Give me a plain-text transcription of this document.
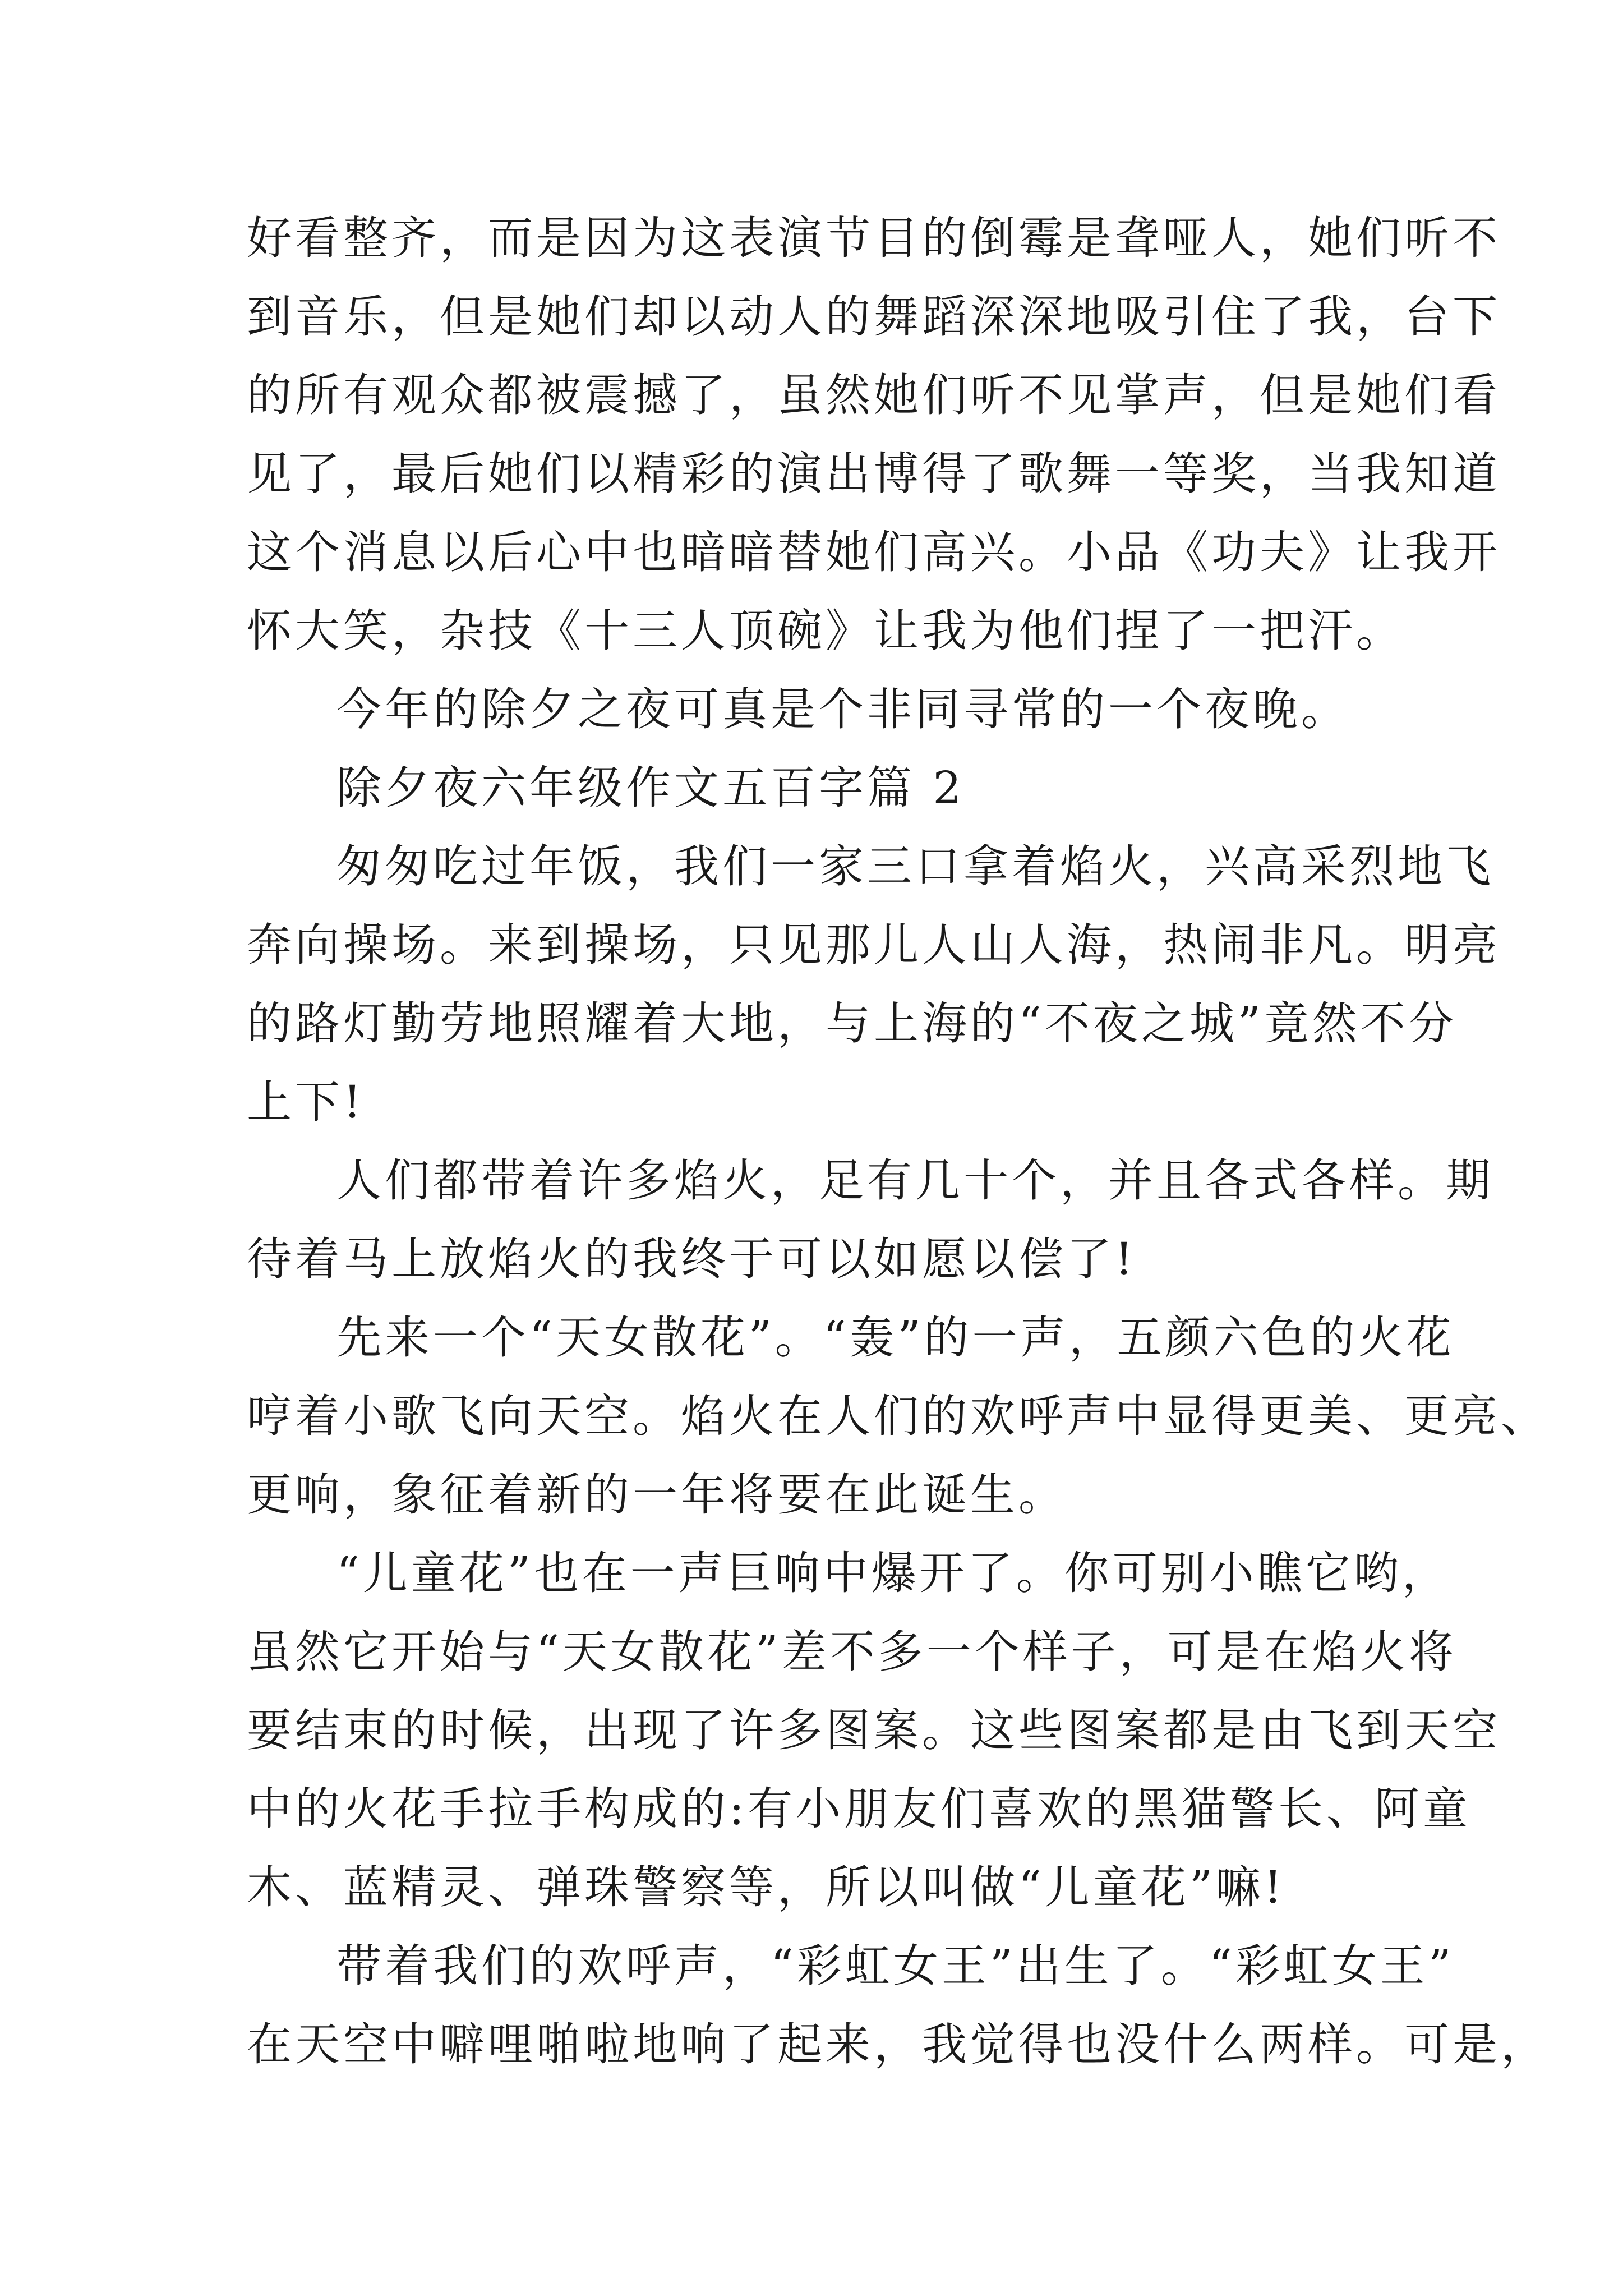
好看整齐，而是因为这表演节目的倒霉是聋哑人，她们听不
到音乐，但是她们却以动人的舞蹈深深地吸引住了我，台下
的所有观众都被震撼了，虽然她们听不见掌声，但是她们看
见了，最后她们以精彩的演出博得了歌舞一等奖，当我知道
这个消息以后心中也暗暗替她们高兴。小品《功夫》让我开
怀大笑，杂技《十三人顶碗》让我为他们捏了一把汗。
今年的除夕之夜可真是个非同寻常的一个夜晚。
除夕夜六年级作文五百字篇 2
匆匆吃过年饭，我们一家三口拿着焰火，兴高采烈地飞
奔向操场。来到操场，只见那儿人山人海，热闹非凡。明亮
的路灯勤劳地照耀着大地，与上海的“不夜之城”竟然不分
上下!
人们都带着许多焰火，足有几十个，并且各式各样。期
待着马上放焰火的我终于可以如愿以偿了!
先来一个“天女散花”。“轰”的一声，五颜六色的火花
哼着小歌飞向天空。焰火在人们的欢呼声中显得更美、更亮、
更响，象征着新的一年将要在此诞生。
“儿童花”也在一声巨响中爆开了。你可别小瞧它哟，
虽然它开始与“天女散花”差不多一个样子，可是在焰火将
要结束的时候，出现了许多图案。这些图案都是由飞到天空
中的火花手拉手构成的:有小朋友们喜欢的黑猫警长、阿童
木、蓝精灵、弹珠警察等，所以叫做“儿童花”嘛!
带着我们的欢呼声，“彩虹女王”出生了。“彩虹女王”
在天空中噼哩啪啦地响了起来，我觉得也没什么两样。可是，
